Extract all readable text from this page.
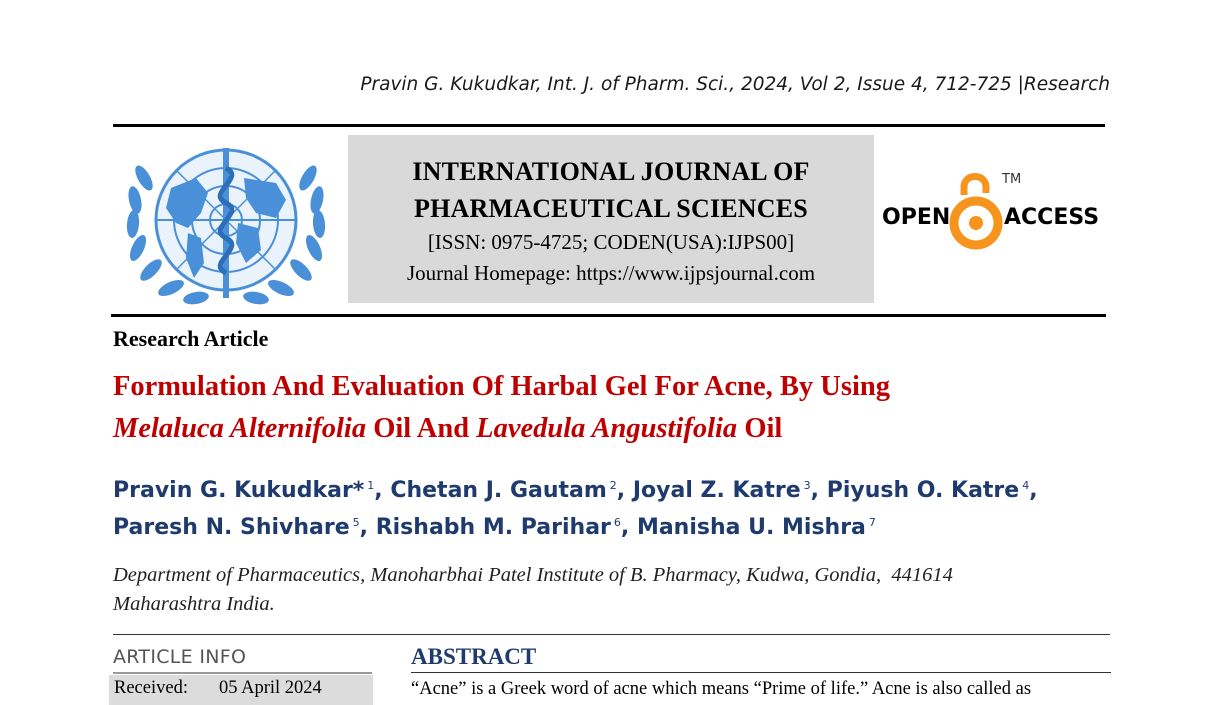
Pravin G. Kukudkar, Int. J. of Pharm. Sci., 2024, Vol 2, Issue 4, 712-725 |Research
INTERNATIONAL JOURNAL OF
PHARMACEUTICAL SCIENCES
[ISSN: 0975-4725; CODEN(USA):IJPS00]
Journal Homepage: https://www.ijpsjournal.com
OPEN ACCESS
TM
Research Article
Formulation And Evaluation Of Harbal Gel For Acne, By Using
Melaluca Alternifolia Oil And Lavedula Angustifolia Oil
Pravin G. Kukudkar* $^1$, Chetan J. Gautam $^2$, Joyal Z. Katre $^3$, Piyush O. Katre $^4$,
Paresh N. Shivhare $^5$, Rishabh M. Parihar $^6$, Manisha U. Mishra $^7$
Department of Pharmaceutics, Manoharbhai Patel Institute of B. Pharmacy, Kudwa, Gondia,  441614
Maharashtra India.
ARTICLE INFO
Received: 05 April 2024
ABSTRACT
“Acne” is a Greek word of acne which means “Prime of life.” Acne is also called as
